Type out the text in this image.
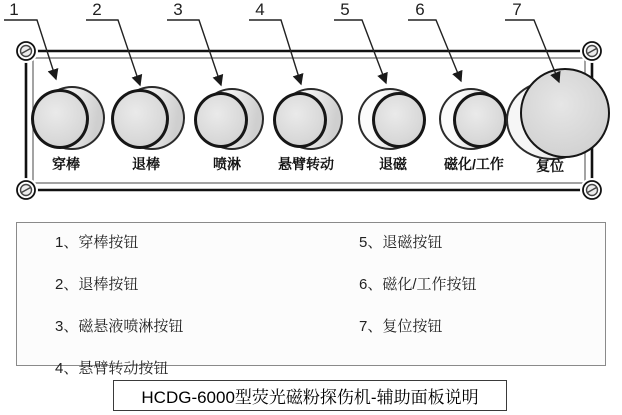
穿棒	退棒	喷淋	悬臂转动	退磁	磁化/工作	复位
1	2	3	4	5	6	7
1、穿棒按钮
2、退棒按钮
3、磁悬液喷淋按钮
4、悬臂转动按钮
5、退磁按钮
6、磁化/工作按钮
7、复位按钮
HCDG-6000型荧光磁粉探伤机-辅助面板说明
